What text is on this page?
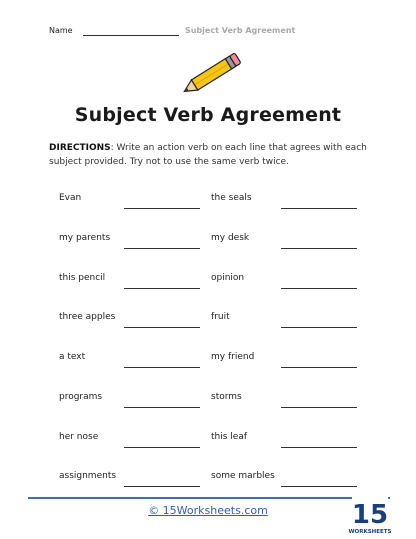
Name	Subject Verb Agreement
Subject Verb Agreement
DIRECTIONS: Write an action verb on each line that agrees with each subject provided. Try not to use the same verb twice.
Evan	the seals
my parents	my desk
this pencil	opinion
three apples	fruit
a text	my friend
programs	storms
her nose	this leaf
assignments	some marbles
© 15Worksheets.com	15
WORKSHEETS
